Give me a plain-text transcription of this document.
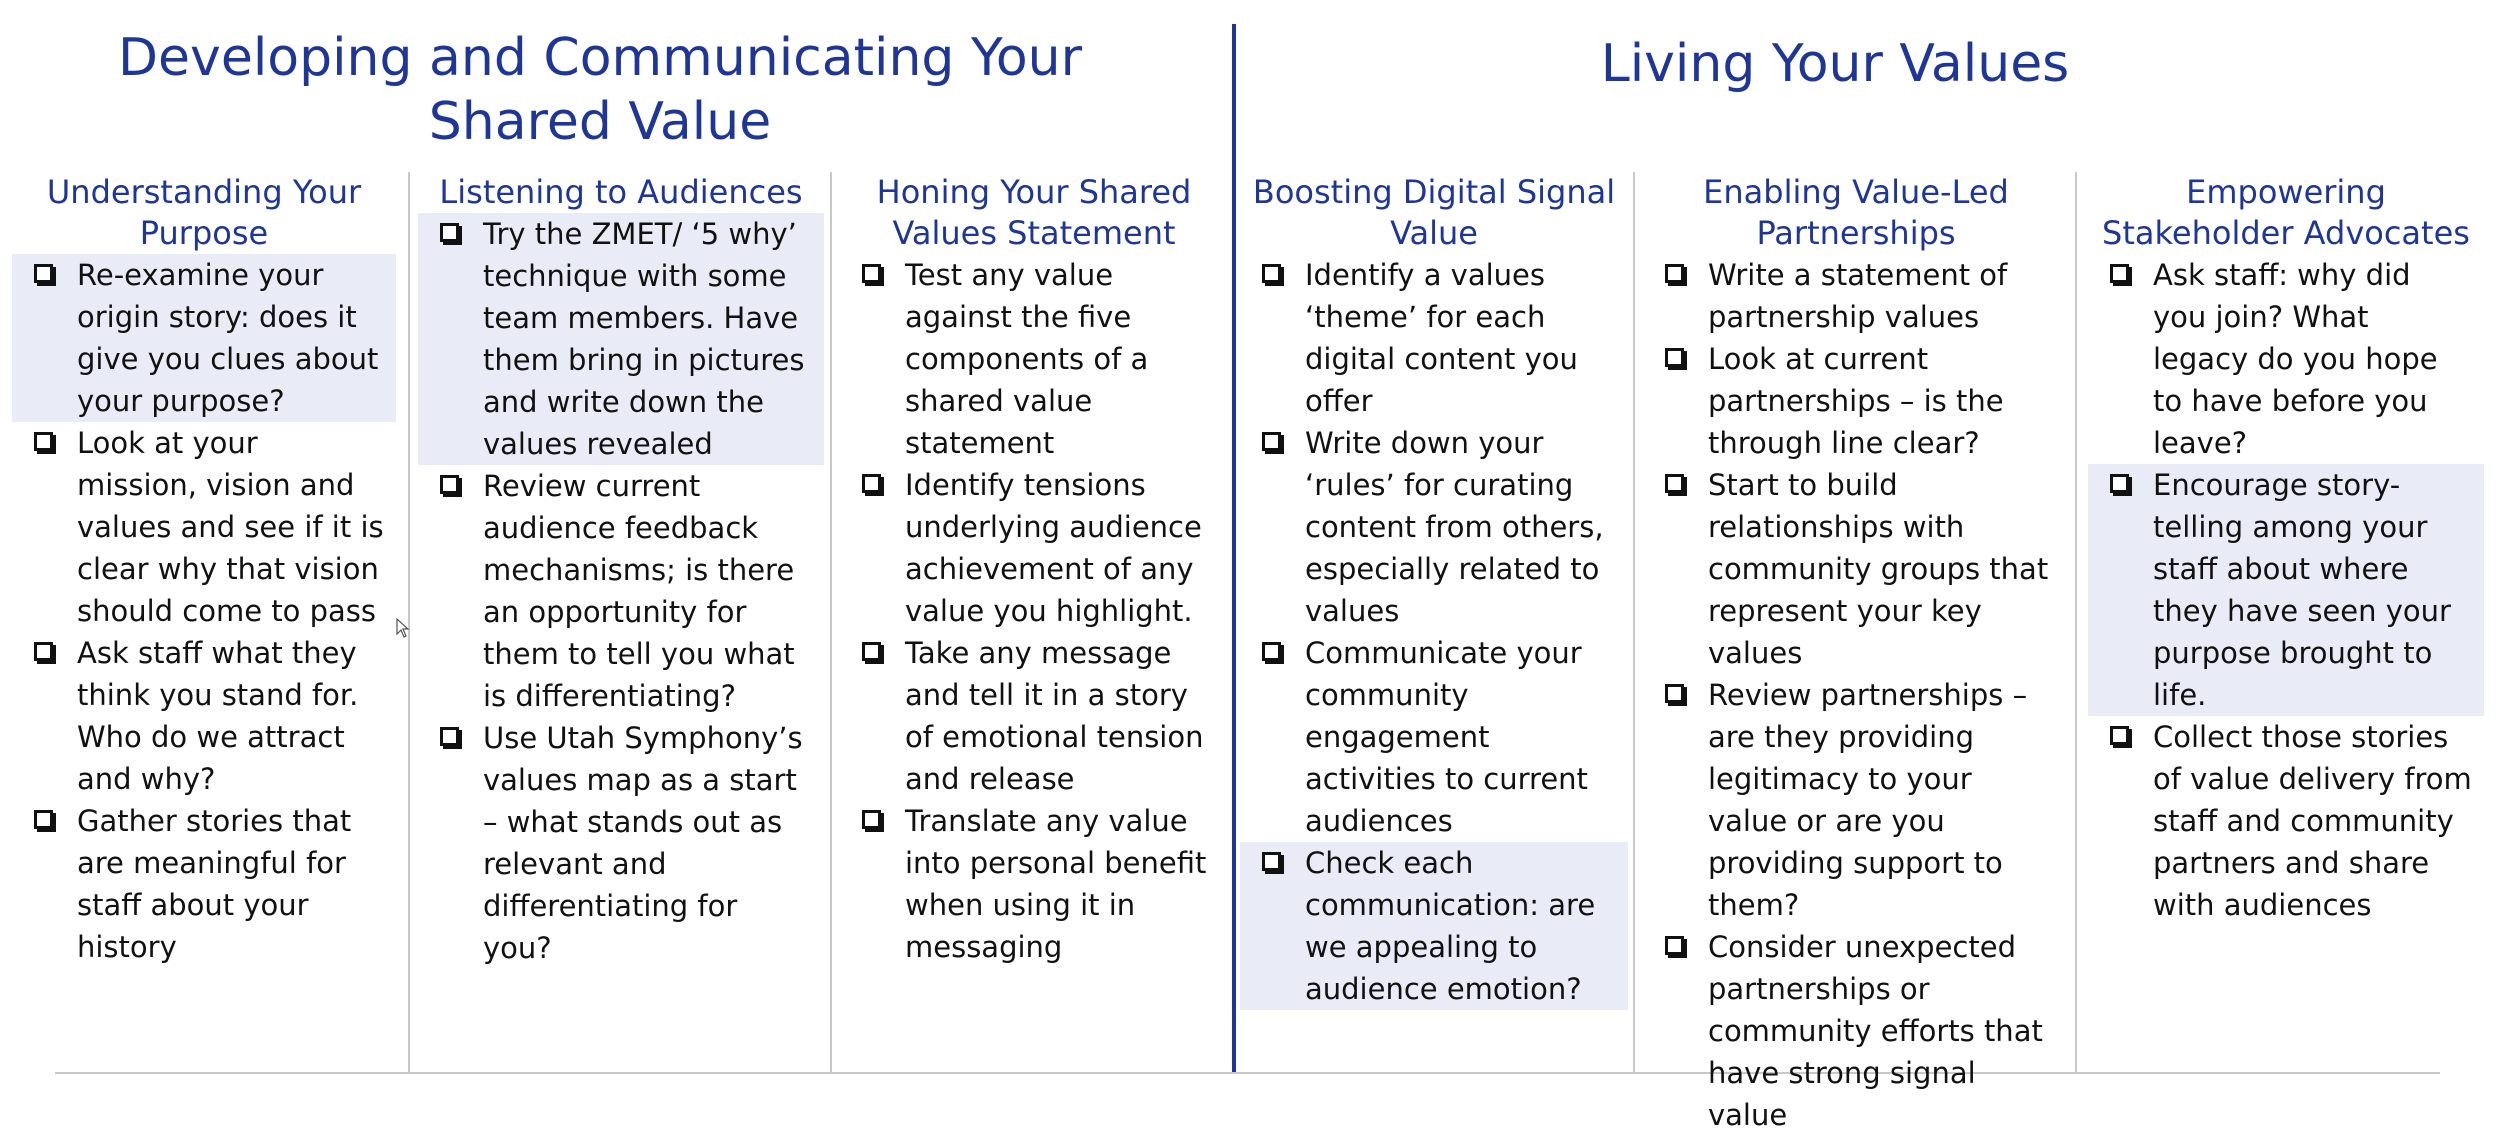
Developing and Communicating Your
Shared Value
Living Your Values
Understanding Your Purpose
Re-examine your origin story: does it give you clues about your purpose?
Look at your mission, vision and values and see if it is clear why that vision should come to pass
Ask staff what they think you stand for. Who do we attract and why?
Gather stories that are meaningful for staff about your history
Listening to Audiences
Try the ZMET/ ‘5 why’ technique with some team members. Have them bring in pictures and write down the values revealed
Review current audience feedback mechanisms; is there an opportunity for them to tell you what is differentiating?
Use Utah Symphony’s values map as a start – what stands out as relevant and differentiating for you?
Honing Your Shared Values Statement
Test any value against the five components of a shared value statement
Identify tensions underlying audience achievement of any value you highlight.
Take any message and tell it in a story of emotional tension and release
Translate any value into personal benefit when using it in messaging
Boosting Digital Signal Value
Identify a values ‘theme’ for each digital content you offer
Write down your ‘rules’ for curating content from others, especially related to values
Communicate your community engagement activities to current audiences
Check each communication: are we appealing to audience emotion?
Enabling Value-Led Partnerships
Write a statement of partnership values
Look at current partnerships – is the through line clear?
Start to build relationships with community groups that represent your key values
Review partnerships – are they providing legitimacy to your value or are you providing support to them?
Consider unexpected partnerships or community efforts that have strong signal value
Empowering Stakeholder Advocates
Ask staff: why did you join? What legacy do you hope to have before you leave?
Encourage story-telling among your staff about where they have seen your purpose brought to life.
Collect those stories of value delivery from staff and community partners and share with audiences
